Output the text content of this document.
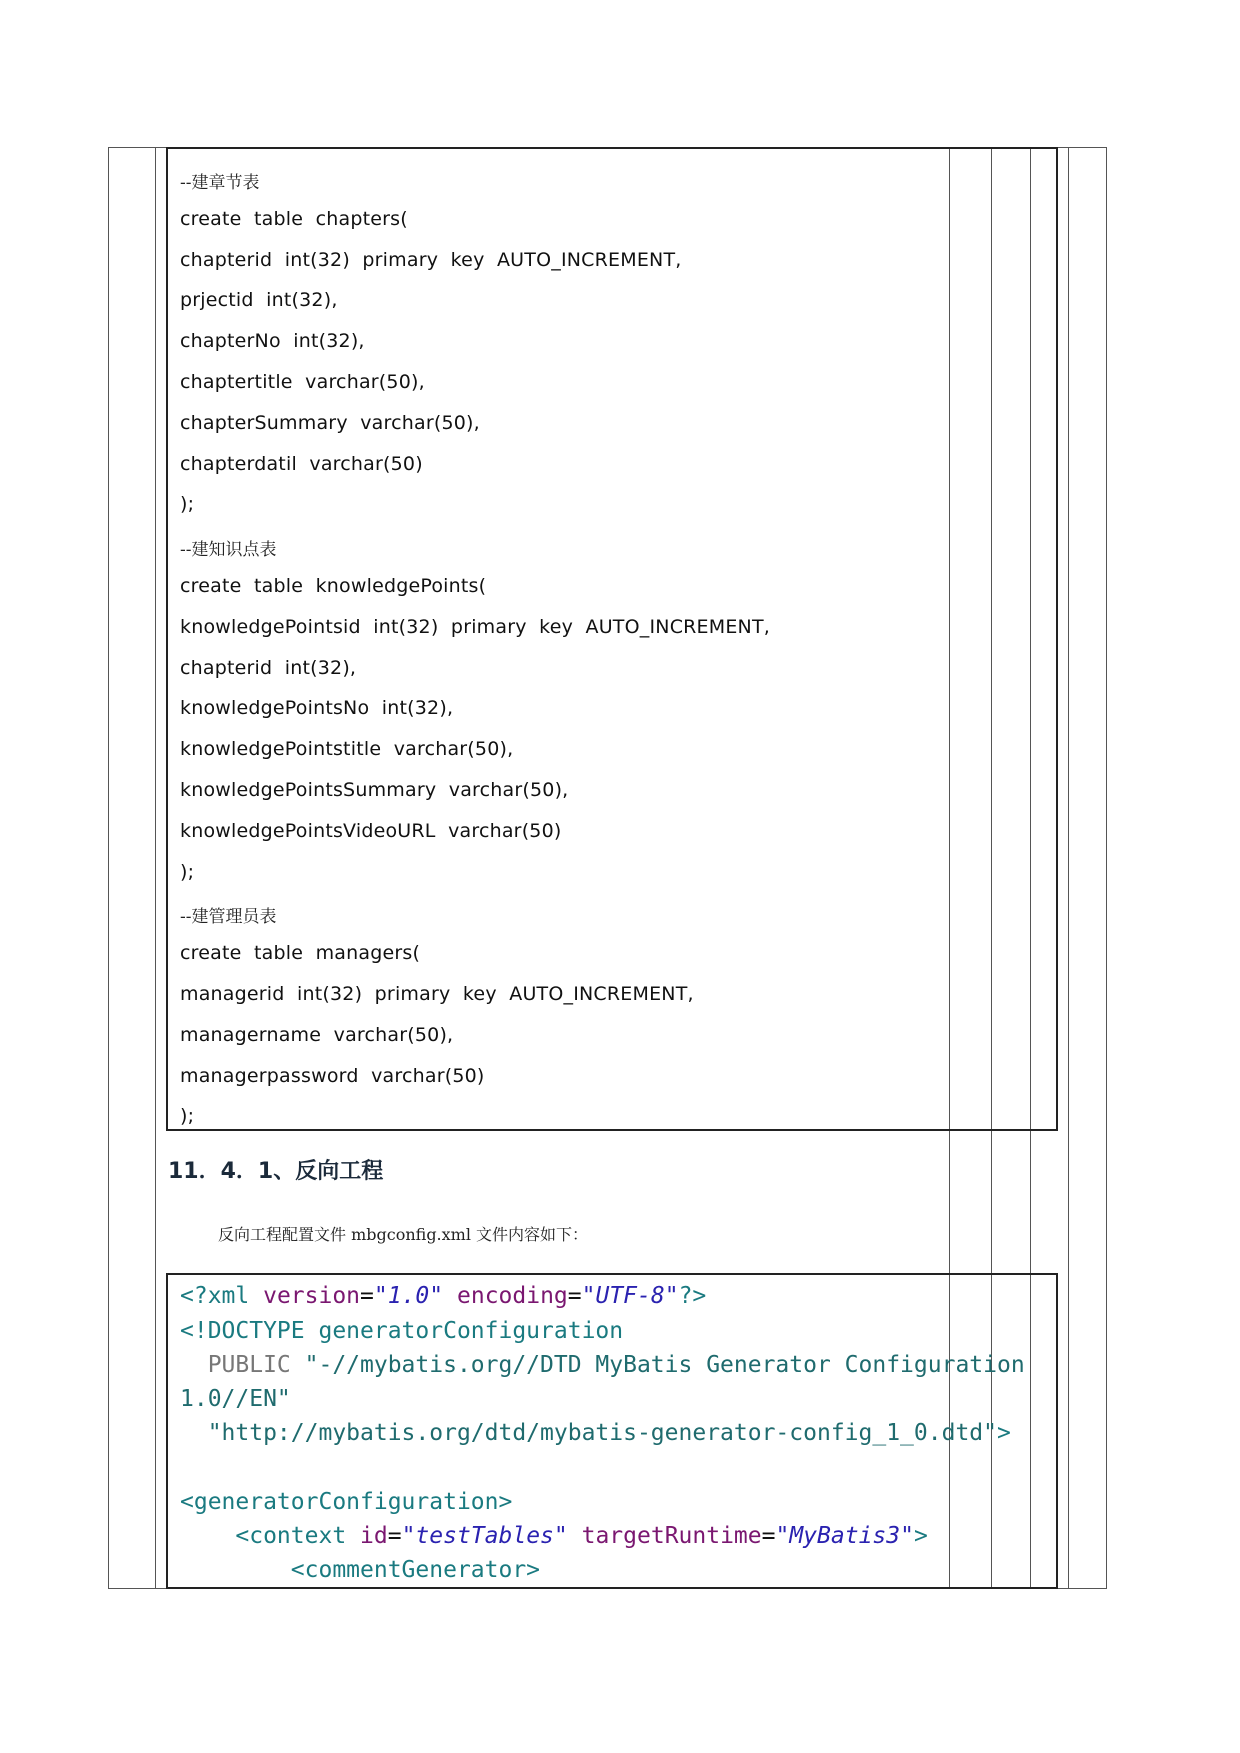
--建章节表
create  table  chapters(
chapterid  int(32)  primary  key  AUTO_INCREMENT,
prjectid  int(32),
chapterNo  int(32),
chaptertitle  varchar(50),
chapterSummary  varchar(50),
chapterdatil  varchar(50)
);
--建知识点表
create  table  knowledgePoints(
knowledgePointsid  int(32)  primary  key  AUTO_INCREMENT,
chapterid  int(32),
knowledgePointsNo  int(32),
knowledgePointstitle  varchar(50),
knowledgePointsSummary  varchar(50),
knowledgePointsVideoURL  varchar(50)
);
--建管理员表
create  table  managers(
managerid  int(32)  primary  key  AUTO_INCREMENT,
managername  varchar(50),
managerpassword  varchar(50)
);
11．4．1、反向工程
反向工程配置文件 mbgconfig.xml 文件内容如下：
<?xml version="1.0" encoding="UTF-8"?>
<!DOCTYPE generatorConfiguration
PUBLIC "-//mybatis.org//DTD MyBatis Generator Configuration
1.0//EN"
"http://mybatis.org/dtd/mybatis-generator-config_1_0.dtd">
<generatorConfiguration>
<context id="testTables" targetRuntime="MyBatis3">
<commentGenerator>
